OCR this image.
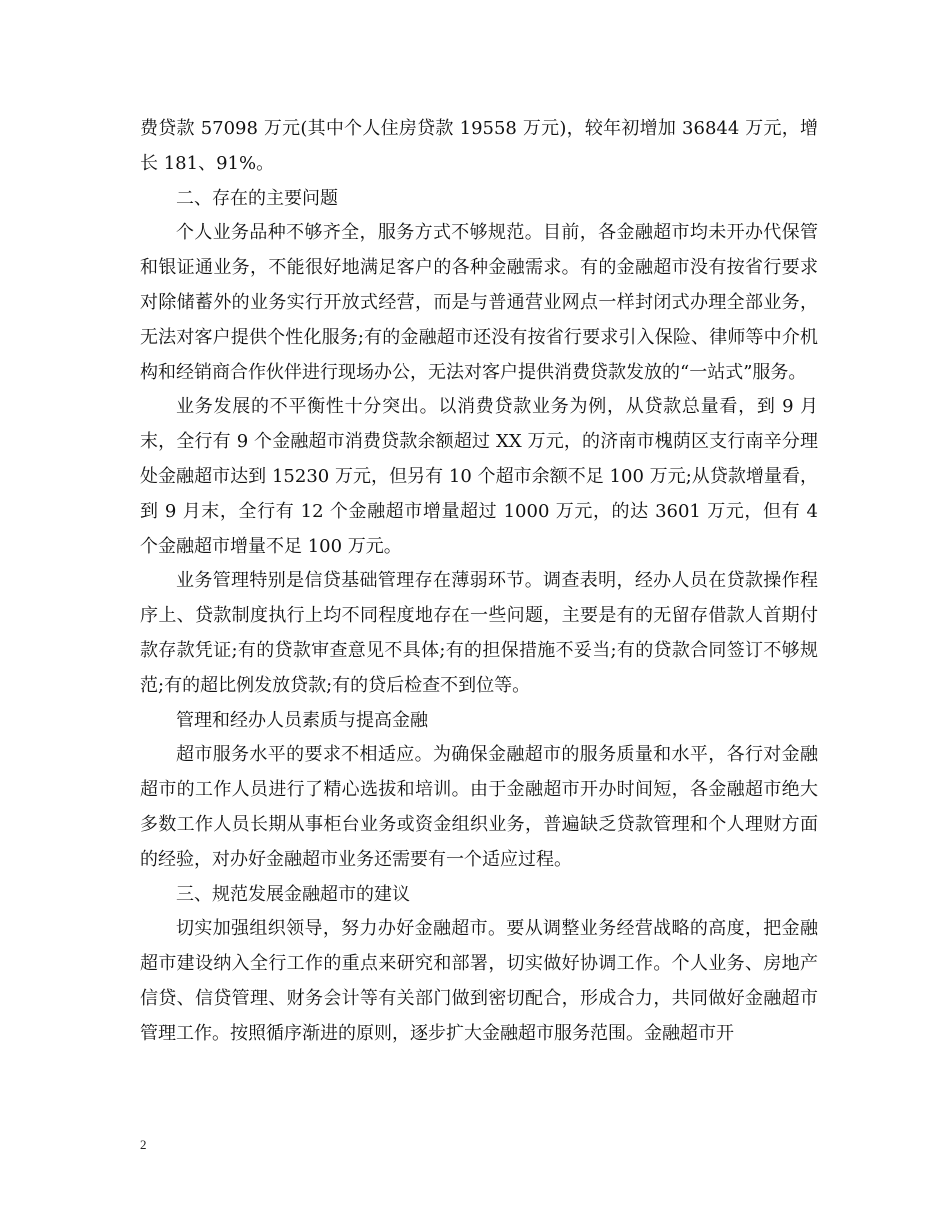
费贷款 57098 万元(其中个人住房贷款 19558 万元)，较年初增加 36844 万元，增长 181、91%。

二、存在的主要问题

个人业务品种不够齐全，服务方式不够规范。目前，各金融超市均未开办代保管和银证通业务，不能很好地满足客户的各种金融需求。有的金融超市没有按省行要求对除储蓄外的业务实行开放式经营，而是与普通营业网点一样封闭式办理全部业务，无法对客户提供个性化服务;有的金融超市还没有按省行要求引入保险、律师等中介机构和经销商合作伙伴进行现场办公，无法对客户提供消费贷款发放的“一站式”服务。

业务发展的不平衡性十分突出。以消费贷款业务为例，从贷款总量看，到 9 月末，全行有 9 个金融超市消费贷款余额超过 XX 万元，的济南市槐荫区支行南辛分理处金融超市达到 15230 万元，但另有 10 个超市余额不足 100 万元;从贷款增量看，到 9 月末，全行有 12 个金融超市增量超过 1000 万元，的达 3601 万元，但有 4 个金融超市增量不足 100 万元。

业务管理特别是信贷基础管理存在薄弱环节。调查表明，经办人员在贷款操作程序上、贷款制度执行上均不同程度地存在一些问题，主要是有的无留存借款人首期付款存款凭证;有的贷款审查意见不具体;有的担保措施不妥当;有的贷款合同签订不够规范;有的超比例发放贷款;有的贷后检查不到位等。

管理和经办人员素质与提高金融

超市服务水平的要求不相适应。为确保金融超市的服务质量和水平，各行对金融超市的工作人员进行了精心选拔和培训。由于金融超市开办时间短，各金融超市绝大多数工作人员长期从事柜台业务或资金组织业务，普遍缺乏贷款管理和个人理财方面的经验，对办好金融超市业务还需要有一个适应过程。

三、规范发展金融超市的建议

切实加强组织领导，努力办好金融超市。要从调整业务经营战略的高度，把金融超市建设纳入全行工作的重点来研究和部署，切实做好协调工作。个人业务、房地产信贷、信贷管理、财务会计等有关部门做到密切配合，形成合力，共同做好金融超市管理工作。按照循序渐进的原则，逐步扩大金融超市服务范围。金融超市开

2
